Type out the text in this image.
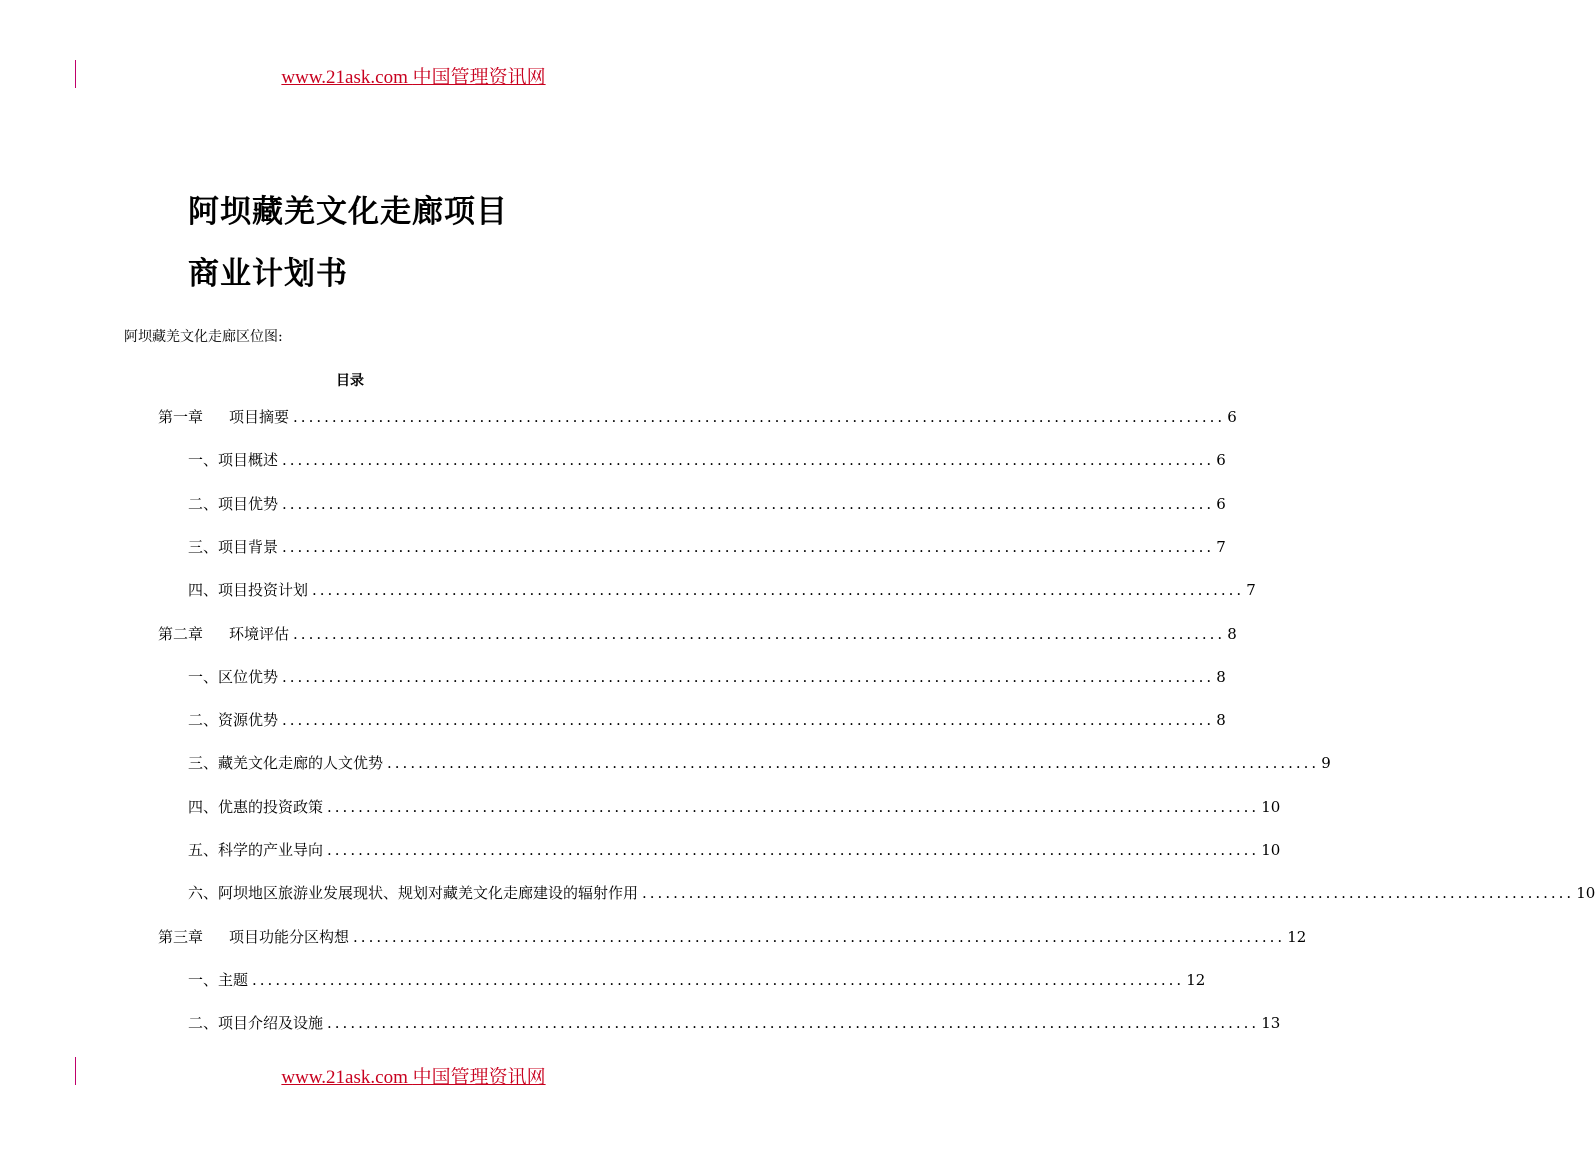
www.21ask.com 中国管理资讯网
阿坝藏羌文化走廊项目
商业计划书
阿坝藏羌文化走廊区位图:
目录
第一章 项目摘要 ........................................................................................................................ 6
一、项目概述 ........................................................................................................................ 6
二、项目优势 ........................................................................................................................ 6
三、项目背景 ........................................................................................................................ 7
四、项目投资计划 ........................................................................................................................ 7
第二章 环境评估 ........................................................................................................................ 8
一、区位优势 ........................................................................................................................ 8
二、资源优势 ........................................................................................................................ 8
三、藏羌文化走廊的人文优势 ........................................................................................................................ 9
四、优惠的投资政策 ........................................................................................................................ 10
五、科学的产业导向 ........................................................................................................................ 10
六、阿坝地区旅游业发展现状、规划对藏羌文化走廊建设的辐射作用 ........................................................................................................................ 10
第三章 项目功能分区构想 ........................................................................................................................ 12
一、主题 ........................................................................................................................ 12
二、项目介绍及设施 ........................................................................................................................ 13
www.21ask.com 中国管理资讯网
